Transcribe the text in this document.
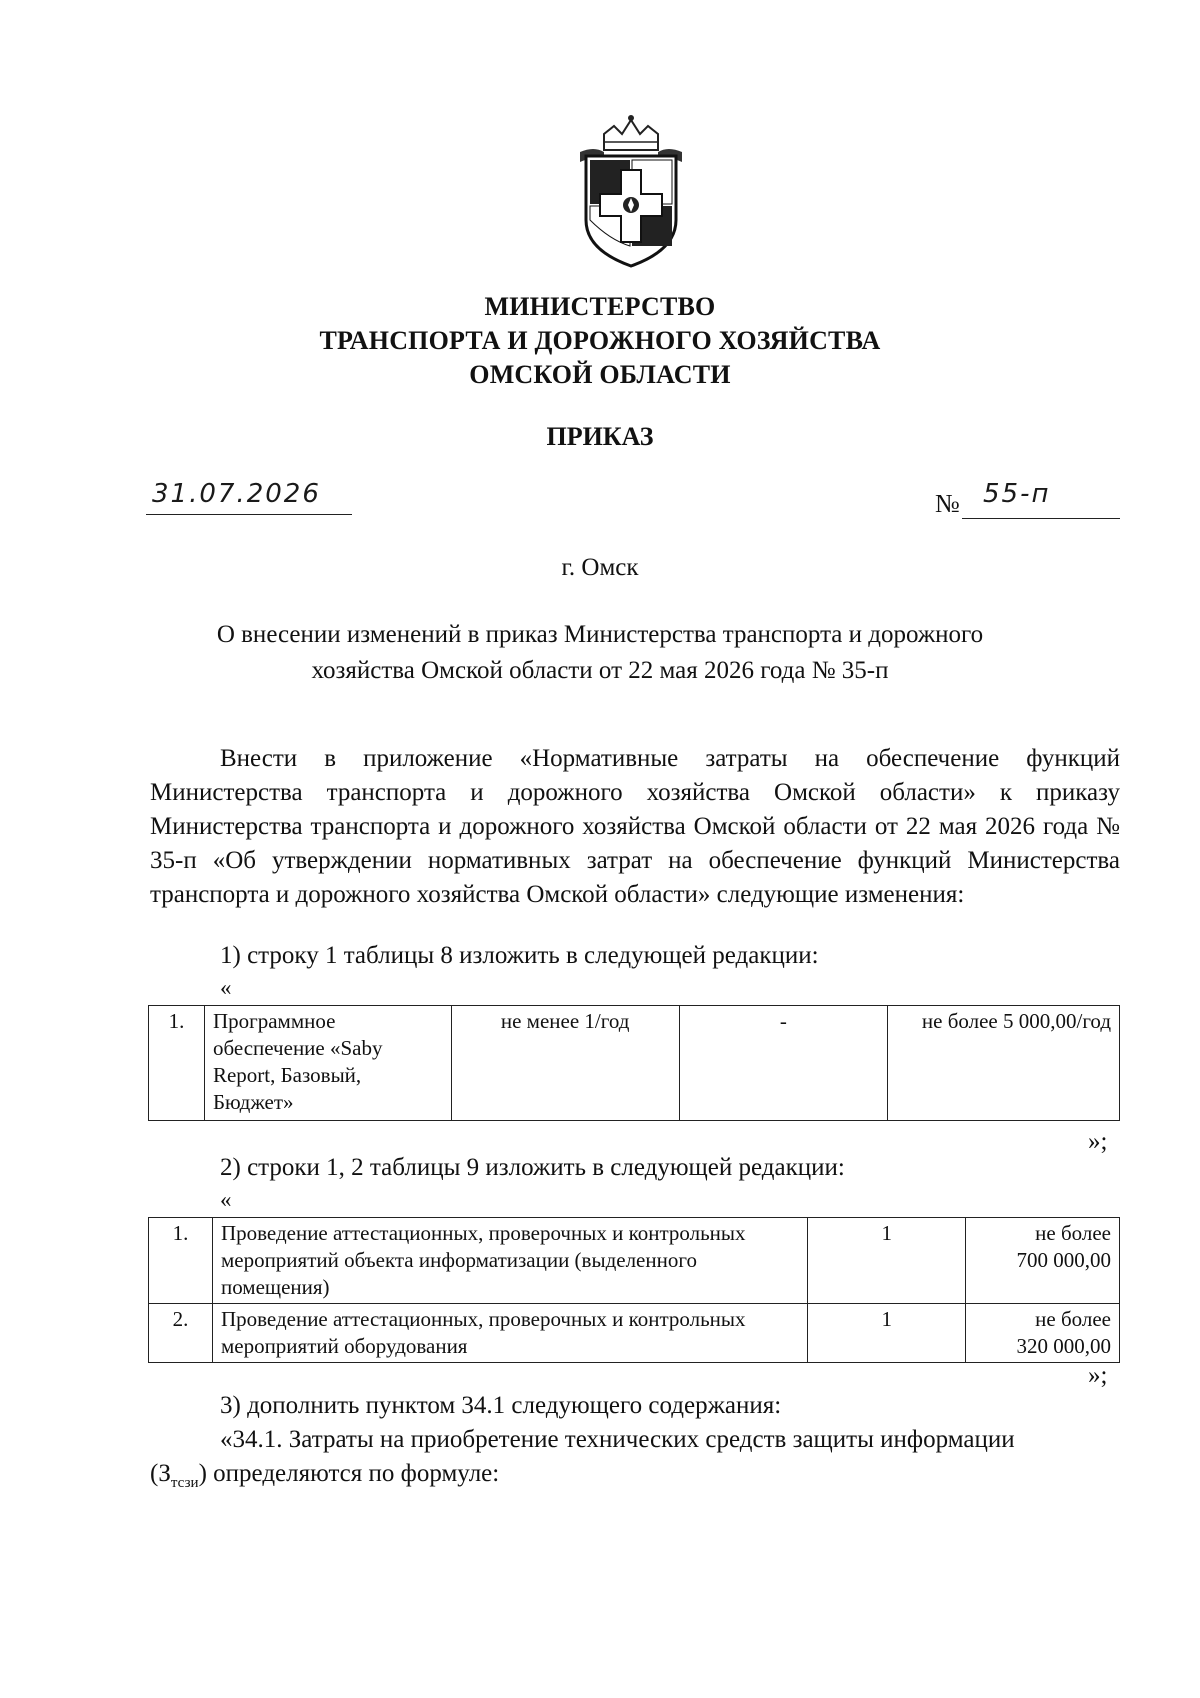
МИНИСТЕРСТВО
ТРАНСПОРТА И ДОРОЖНОГО ХОЗЯЙСТВА
ОМСКОЙ ОБЛАСТИ
ПРИКАЗ
31.07.2026	№ 55-п
г. Омск
О внесении изменений в приказ Министерства транспорта и дорожного
хозяйства Омской области от 22 мая 2026 года № 35-п

Внести в приложение «Нормативные затраты на обеспечение функций Министерства транспорта и дорожного хозяйства Омской области» к приказу Министерства транспорта и дорожного хозяйства Омской области от 22 мая 2026 года № 35-п «Об утверждении нормативных затрат на обеспечение функций Министерства транспорта и дорожного хозяйства Омской области» следующие изменения:

1) строку 1 таблицы 8 изложить в следующей редакции:
«
1.	Программное обеспечение «Saby Report, Базовый, Бюджет»	не менее 1/год	-	не более 5 000,00/год
»;
2) строки 1, 2 таблицы 9 изложить в следующей редакции:
«
1.	Проведение аттестационных, проверочных и контрольных мероприятий объекта информатизации (выделенного помещения)	1	не более
700 000,00

2.	Проведение аттестационных, проверочных и контрольных мероприятий оборудования	1	не более
320 000,00
»;
3) дополнить пунктом 34.1 следующего содержания:
«34.1. Затраты на приобретение технических средств защиты информации
$(З_{тсзи})$ определяются по формуле:
